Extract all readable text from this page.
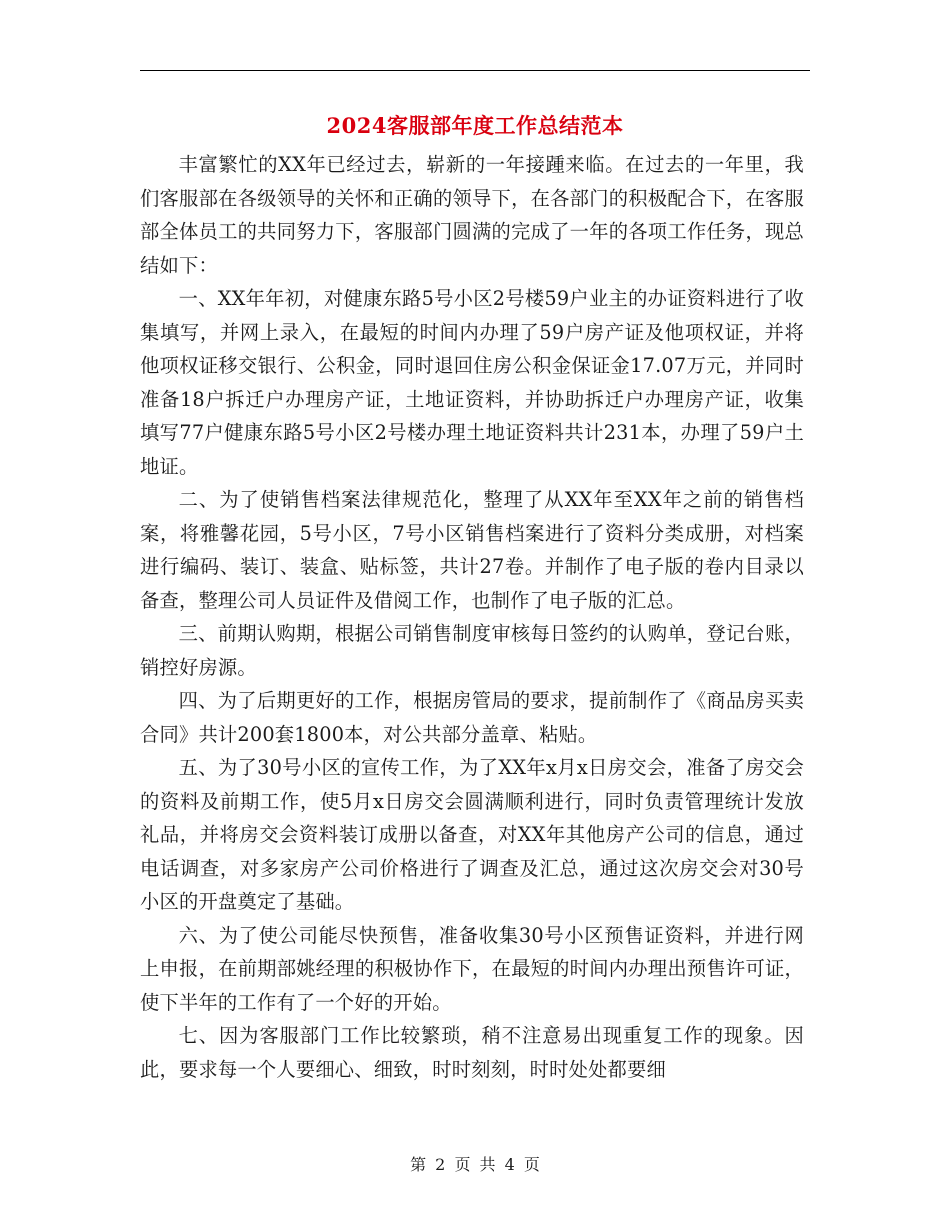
2024客服部年度工作总结范本

丰富繁忙的XX年已经过去，崭新的一年接踵来临。在过去的一年里，我们客服部在各级领导的关怀和正确的领导下，在各部门的积极配合下，在客服部全体员工的共同努力下，客服部门圆满的完成了一年的各项工作任务，现总结如下：

一、XX年年初，对健康东路5号小区2号楼59户业主的办证资料进行了收集填写，并网上录入，在最短的时间内办理了59户房产证及他项权证，并将他项权证移交银行、公积金，同时退回住房公积金保证金17.07万元，并同时准备18户拆迁户办理房产证，土地证资料，并协助拆迁户办理房产证，收集填写77户健康东路5号小区2号楼办理土地证资料共计231本，办理了59户土地证。

二、为了使销售档案法律规范化，整理了从XX年至XX年之前的销售档案，将雅馨花园，5号小区，7号小区销售档案进行了资料分类成册，对档案进行编码、装订、装盒、贴标签，共计27卷。并制作了电子版的卷内目录以备查，整理公司人员证件及借阅工作，也制作了电子版的汇总。

三、前期认购期，根据公司销售制度审核每日签约的认购单，登记台账，销控好房源。

四、为了后期更好的工作，根据房管局的要求，提前制作了《商品房买卖合同》共计200套1800本，对公共部分盖章、粘贴。

五、为了30号小区的宣传工作，为了XX年x月x日房交会，准备了房交会的资料及前期工作，使5月x日房交会圆满顺利进行，同时负责管理统计发放礼品，并将房交会资料装订成册以备查，对XX年其他房产公司的信息，通过电话调查，对多家房产公司价格进行了调查及汇总，通过这次房交会对30号小区的开盘奠定了基础。

六、为了使公司能尽快预售，准备收集30号小区预售证资料，并进行网上申报，在前期部姚经理的积极协作下，在最短的时间内办理出预售许可证，使下半年的工作有了一个好的开始。

七、因为客服部门工作比较繁琐，稍不注意易出现重复工作的现象。因此，要求每一个人要细心、细致，时时刻刻，时时处处都要细

第 2 页 共 4 页
